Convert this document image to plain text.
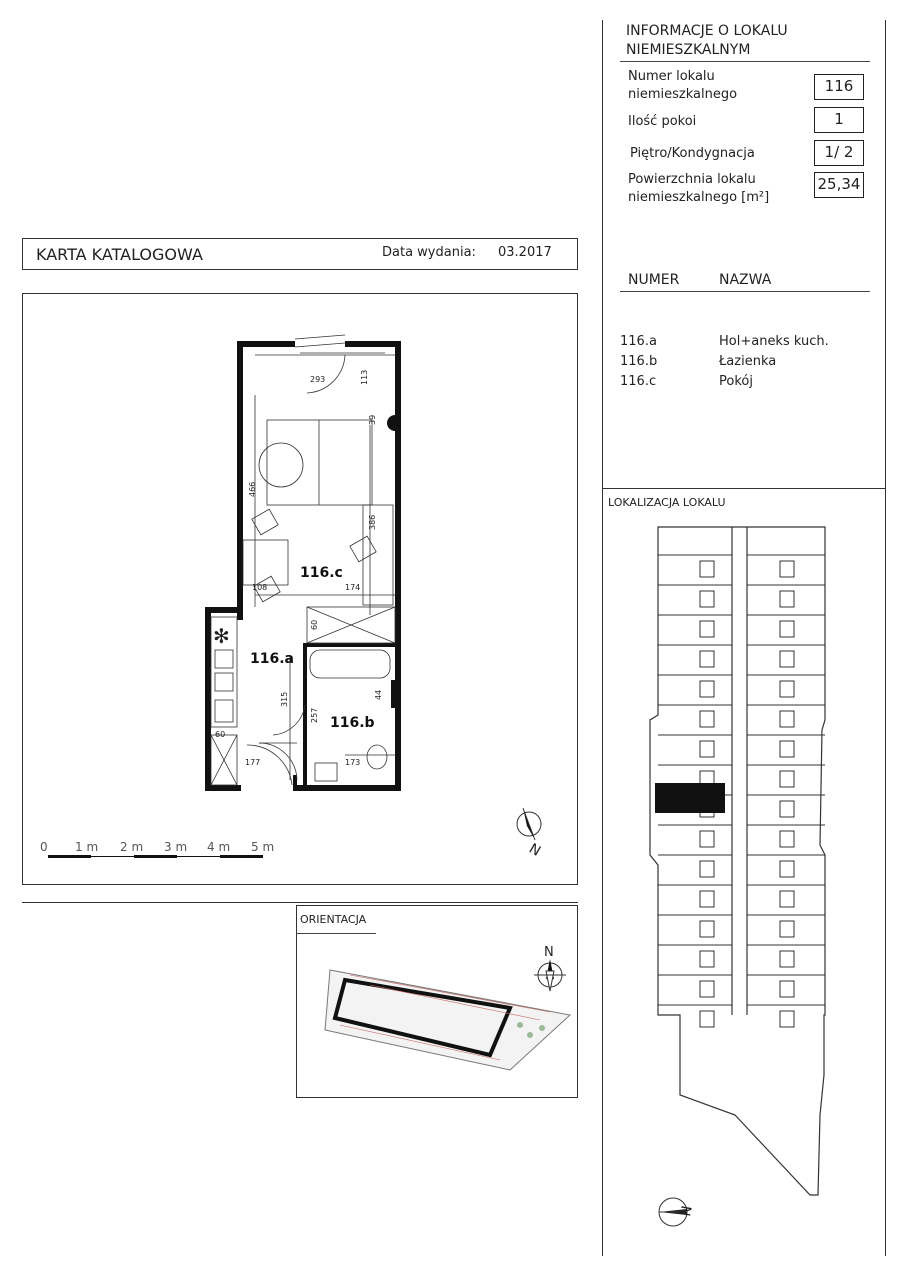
INFORMACJE O LOKALU
NIEMIESZKALNYM
Numer lokalu
niemieszkalnego	116
Ilość pokoi	1
Piętro/Kondygnacja	1/ 2
Powierzchnia lokalu
niemieszkalnego [m²]
25,34
NUMER	NAZWA
116.a	Hol+aneks kuch.
116.b	Łazienka
116.c	Pokój
LOKALIZACJA LOKALU
N
KARTA KATALOGOWA	Data wydania: 03.2017
✻
116.c
116.a
116.b
293	113
39
466
386
108	174
60
315
257
44
60
177	173
N
0 1 m 2 m 3 m 4 m 5 m
ORIENTACJA
N
